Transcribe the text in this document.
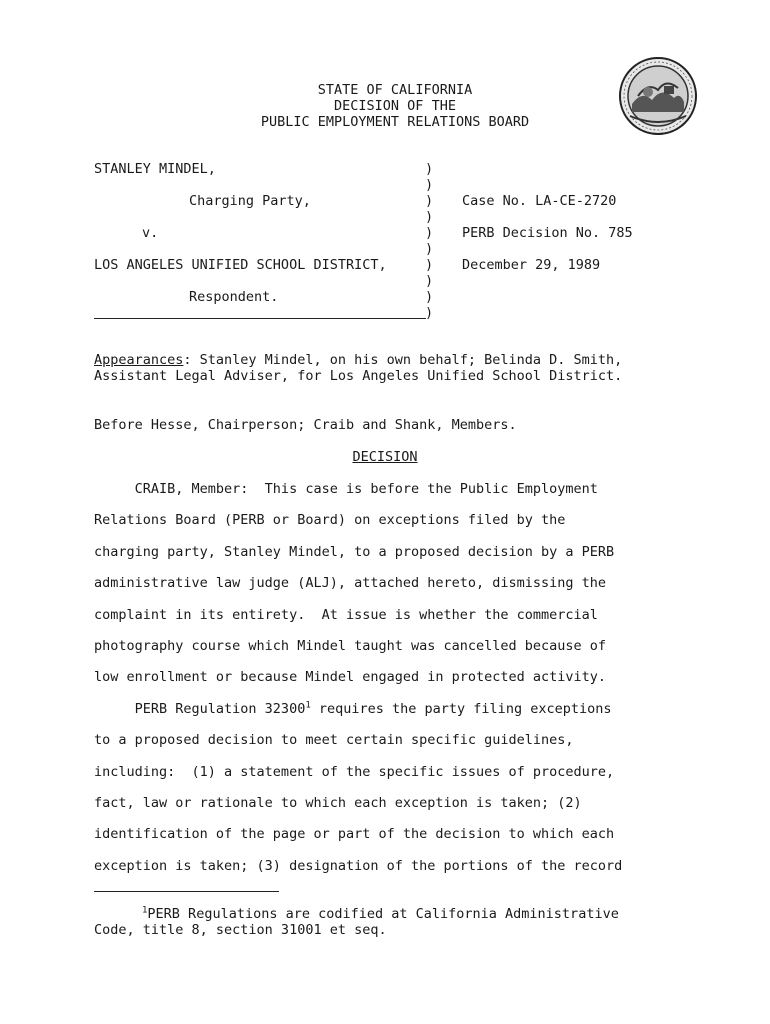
STATE OF CALIFORNIA
DECISION OF THE
PUBLIC EMPLOYMENT RELATIONS BOARD
STANLEY MINDEL,
Charging Party,
v.
LOS ANGELES UNIFIED SCHOOL DISTRICT,
Respondent.
)
)
)
)
)
)
)
)
)
)
Case No. LA-CE-2720
PERB Decision No. 785
December 29, 1989
Appearances: Stanley Mindel, on his own behalf; Belinda D. Smith, Assistant Legal Adviser, for Los Angeles Unified School District.
Before Hesse, Chairperson; Craib and Shank, Members.
DECISION
CRAIB, Member:  This case is before the Public Employment
Relations Board (PERB or Board) on exceptions filed by the
charging party, Stanley Mindel, to a proposed decision by a PERB
administrative law judge (ALJ), attached hereto, dismissing the
complaint in its entirety.  At issue is whether the commercial
photography course which Mindel taught was cancelled because of
low enrollment or because Mindel engaged in protected activity.
PERB Regulation 32300$^1$ requires the party filing exceptions
to a proposed decision to meet certain specific guidelines,
including:  (1) a statement of the specific issues of procedure,
fact, law or rationale to which each exception is taken; (2)
identification of the page or part of the decision to which each
exception is taken; (3) designation of the portions of the record
$^1$PERB Regulations are codified at California Administrative
Code, title 8, section 31001 et seq.
